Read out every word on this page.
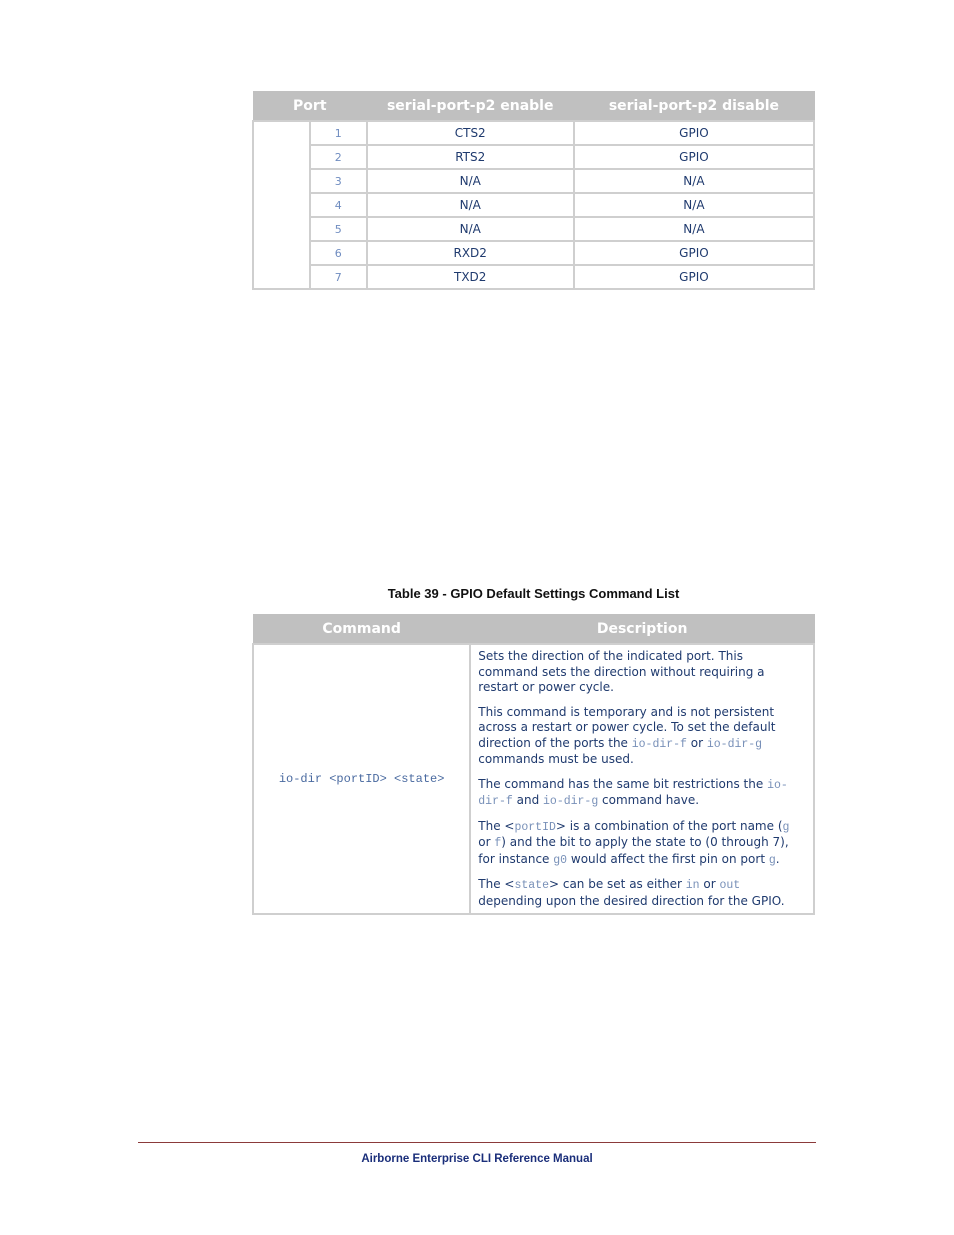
Port		serial-port-p2 enable	serial-port-p2 disable
	1	CTS2	GPIO
	2	RTS2	GPIO
	3	N/A	N/A
	4	N/A	N/A
	5	N/A	N/A
	6	RXD2	GPIO
	7	TXD2	GPIO
Table 39 - GPIO Default Settings Command List
Command	Description
io-dir <portID> <state>	Sets the direction of the indicated port. This command sets the direction without requiring a restart or power cycle.

This command is temporary and is not persistent across a restart or power cycle. To set the default direction of the ports the io-dir-f or io-dir-g commands must be used.

The command has the same bit restrictions the io-dir-f and io-dir-g command have.

The <portID> is a combination of the port name (g or f) and the bit to apply the state to (0 through 7), for instance g0 would affect the first pin on port g.

The <state> can be set as either in or out depending upon the desired direction for the GPIO.

Airborne Enterprise CLI Reference Manual
